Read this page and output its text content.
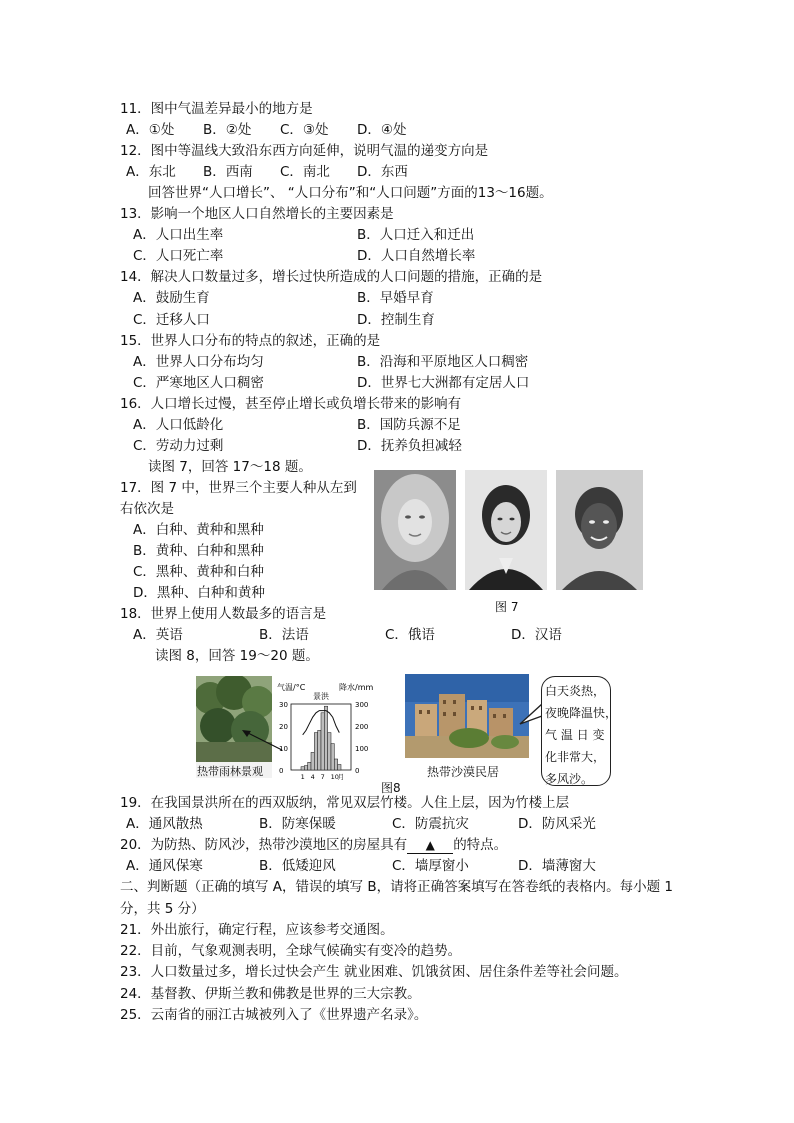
11．图中气温差异最小的地方是
A．①处 B．②处 C．③处 D．④处
12．图中等温线大致沿东西方向延伸，说明气温的递变方向是
A．东北 B．西南 C．南北 D．东西
回答世界“人口增长”、 “人口分布”和“人口问题”方面的13～16题。
13．影响一个地区人口自然增长的主要因素是
A．人口出生率	B．人口迁入和迁出
C．人口死亡率	D．人口自然增长率
14．解决人口数量过多，增长过快所造成的人口问题的措施，正确的是
A．鼓励生育	B．早婚早育
C．迁移人口	D．控制生育
15．世界人口分布的特点的叙述，正确的是
A．世界人口分布均匀	B．沿海和平原地区人口稠密
C．严寒地区人口稠密	D．世界七大洲都有定居人口
16．人口增长过慢，甚至停止增长或负增长带来的影响有
A．人口低龄化	B．国防兵源不足
C．劳动力过剩	D．抚养负担减轻
读图 7，回答 17～18 题。
17．图 7 中，世界三个主要人种从左到
右依次是
A．白种、黄种和黑种
B．黄种、白种和黑种
C．黑种、黄种和白种
D．黑种、白种和黄种
图 7
18．世界上使用人数最多的语言是
A．英语	B．法语	C．俄语	D．汉语
读图 8，回答 19～20 题。
热带雨林景观
气温/°C	降水/mm
景洪
30
20
10
0
300
200
100
0
1 4 7 10
月	热带沙漠民居
白天炎热，
夜晚降温快，
气 温 日 变
化非常大，
多风沙。
图8
19．在我国景洪所在的西双版纳，常见双层竹楼。人住上层，因为竹楼上层
A．通风散热	B．防寒保暖	C．防震抗灾	D．防风采光
20．为防热、防风沙，热带沙漠地区的房屋具有 ▲ 的特点。
A．通风保寒	B．低矮迎风	C．墙厚窗小	D．墙薄窗大
二、判断题（正确的填写 A，错误的填写 B，请将正确答案填写在答卷纸的表格内。每小题 1
分，共 5 分）
21．外出旅行，确定行程，应该参考交通图。
22．目前，气象观测表明，全球气候确实有变冷的趋势。
23．人口数量过多，增长过快会产生 就业困难、饥饿贫困、居住条件差等社会问题。
24．基督教、伊斯兰教和佛教是世界的三大宗教。
25．云南省的丽江古城被列入了《世界遗产名录》。
